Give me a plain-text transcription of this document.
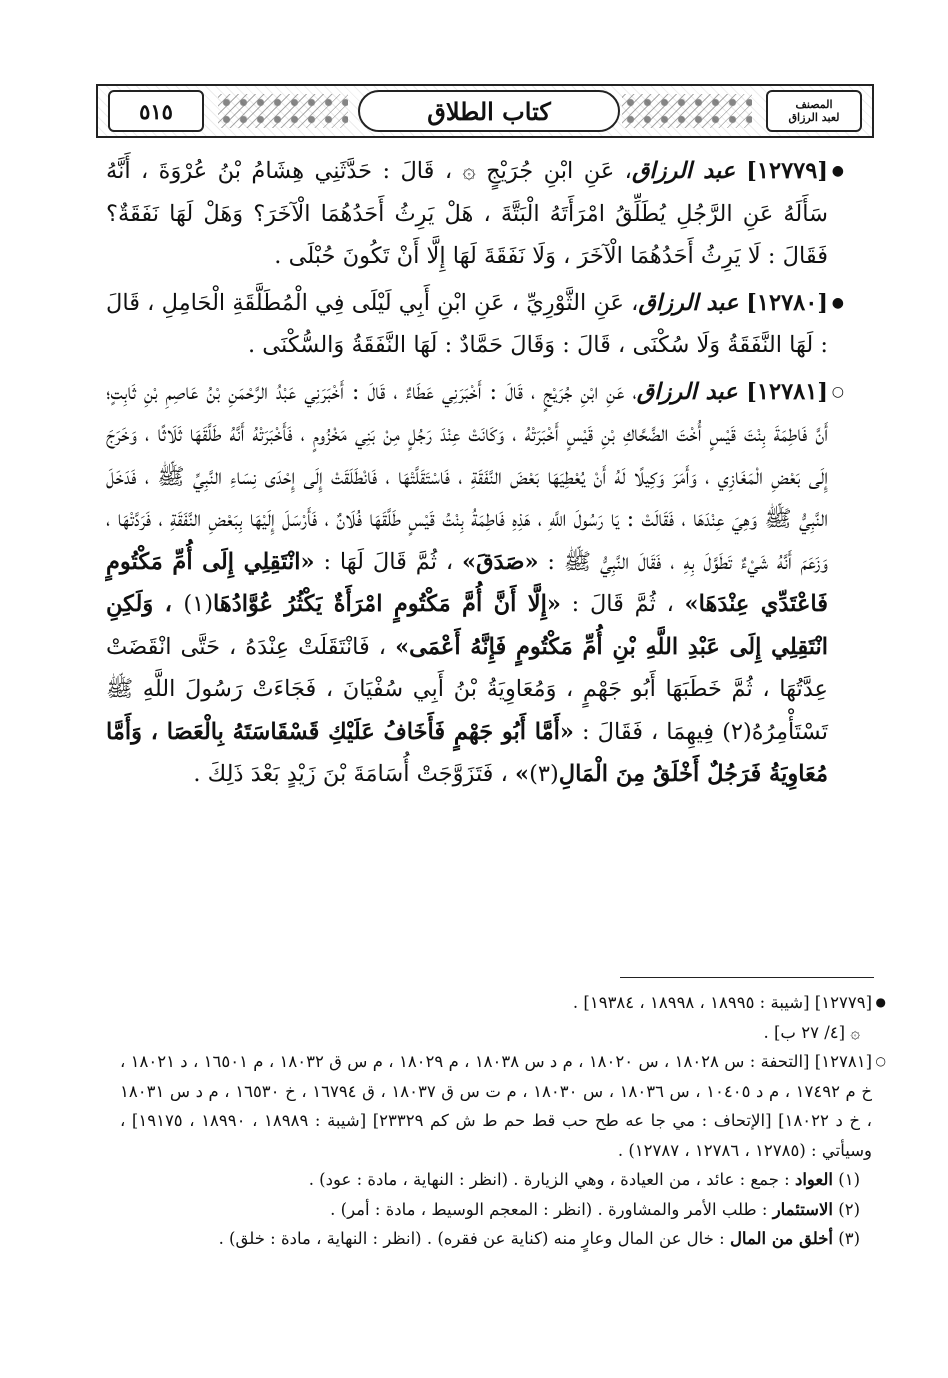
٥١٥	كتاب الطلاق	المصنف
لعبد الرزاق

●
[١٢٧٧٩] عبد الرزاق، عَنِ ابْنِ جُرَيْجٍ ۞ ، قَالَ : حَدَّثَنِي هِشَامُ بْنُ عُرْوَةَ ، أَنَّهُ سَأَلَهُ عَنِ الرَّجُلِ يُطَلِّقُ امْرَأَتَهُ الْبَتَّةَ ، هَلْ يَرِثُ أَحَدُهُمَا الْآخَرَ؟ وَهَلْ لَهَا نَفَقَةٌ؟ فَقَالَ : لَا يَرِثُ أَحَدُهُمَا الْآخَرَ ، وَلَا نَفَقَةَ لَهَا إِلَّا أَنْ تَكُونَ حُبْلَى .

●
[١٢٧٨٠] عبد الرزاق، عَنِ الثَّوْرِيِّ ، عَنِ ابْنِ أَبِي لَيْلَى فِي الْمُطَلَّقَةِ الْحَامِلِ ، قَالَ : لَهَا النَّفَقَةُ وَلَا سُكْنَى ، قَالَ : وَقَالَ حَمَّادٌ : لَهَا النَّفَقَةُ وَالسُّكْنَى .

○
[١٢٧٨١] عبد الرزاق، عَنِ ابْنِ جُرَيْجٍ ، قَالَ : أَخْبَرَنِي عَطَاءٌ ، قَالَ : أَخْبَرَنِي عَبْدُ الرَّحْمَنِ بْنُ عَاصِمِ بْنِ ثَابِتٍ؛ أَنَّ فَاطِمَةَ بِنْتَ قَيْسٍ أُخْتَ الضَّحَّاكِ بْنِ قَيْسٍ أَخْبَرَتْهُ ، وَكَانَتْ عِنْدَ رَجُلٍ مِنْ بَنِي مَخْزُومٍ ، فَأَخْبَرَتْهُ أَنَّهُ طَلَّقَهَا ثَلَاثًا ، وَخَرَجَ إِلَى بَعْضِ الْمَغَازِي ، وَأَمَرَ وَكِيلًا لَهُ أَنْ يُعْطِيَهَا بَعْضَ النَّفَقَةِ ، فَاسْتَقَلَّتْهَا ، فَانْطَلَقَتْ إِلَى إِحْدَى نِسَاءِ النَّبِيِّ ﷺ ، فَدَخَلَ النَّبِيُّ ﷺ وَهِيَ عِنْدَهَا ، فَقَالَتْ : يَا رَسُولَ اللَّهِ ، هَذِهِ فَاطِمَةُ بِنْتُ قَيْسٍ طَلَّقَهَا فُلَانٌ ، فَأَرْسَلَ إِلَيْهَا بِبَعْضِ النَّفَقَةِ ، فَرَدَّتْهَا ، وَزَعَمَ أَنَّهُ شَيْءٌ تَطَوَّلَ بِهِ ، فَقَالَ النَّبِيُّ ﷺ : «صَدَقَ» ، ثُمَّ قَالَ لَهَا : «انْتَقِلِي إِلَى أُمِّ مَكْتُومٍ فَاعْتَدِّي عِنْدَهَا» ، ثُمَّ قَالَ : «إِلَّا أَنَّ أُمَّ مَكْتُومٍ امْرَأَةٌ يَكْثُرُ عُوَّادُهَا(١) ، وَلَكِنِ انْتَقِلِي إِلَى عَبْدِ اللَّهِ بْنِ أُمِّ مَكْتُومٍ فَإِنَّهُ أَعْمَى» ، فَانْتَقَلَتْ عِنْدَهُ ، حَتَّى انْقَضَتْ عِدَّتُهَا ، ثُمَّ خَطَبَهَا أَبُو جَهْمٍ ، وَمُعَاوِيَةُ بْنُ أَبِي سُفْيَانَ ، فَجَاءَتْ رَسُولَ اللَّهِ ﷺ تَسْتَأْمِرُهُ(٢) فِيهِمَا ، فَقَالَ : «أَمَّا أَبُو جَهْمٍ فَأَخَافُ عَلَيْكِ قَسْقَاسَتَهُ بِالْعَصَا ، وَأَمَّا مُعَاوِيَةُ فَرَجُلٌ أَخْلَقُ مِنَ الْمَالِ(٣)» ، فَتَزَوَّجَتْ أُسَامَةَ بْنَ زَيْدٍ بَعْدَ ذَلِكَ .

●
[١٢٧٧٩] [شيبة : ١٨٩٩٥ ، ١٨٩٩٨ ، ١٩٣٨٤] .

۞ [٤/ ٢٧ ب] .

○
[١٢٧٨١] [التحفة : س ١٨٠٢٨ ، س ١٨٠٢٠ ، م د س ١٨٠٣٨ ، م ١٨٠٢٩ ، م س ق ١٨٠٣٢ ، م ١٦٥٠١ ، د ١٨٠٢١ ، خ م ١٧٤٩٢ ، م د ١٠٤٠٥ ، س ١٨٠٣٦ ، س ١٨٠٣٠ ، م ت س ق ١٨٠٣٧ ، ق ١٦٧٩٤ ، خ ١٦٥٣٠ ، م د س ١٨٠٣١ ، خ د ١٨٠٢٢] [الإتحاف : مي جا عه طح حب قط حم ط ش كم ٢٣٣٢٩] [شيبة : ١٨٩٨٩ ، ١٨٩٩٠ ، ١٩١٧٥] ، وسيأتي : (١٢٧٨٥ ، ١٢٧٨٦ ، ١٢٧٨٧) .

(١) العواد : جمع : عائد ، من العيادة ، وهي الزيارة . (انظر : النهاية ، مادة : عود) .

(٢) الاستئمار : طلب الأمر والمشاورة . (انظر : المعجم الوسيط ، مادة : أمر) .

(٣) أخلق من المال : خال عن المال وعارٍ منه (كناية عن فقره) . (انظر : النهاية ، مادة : خلق) .
